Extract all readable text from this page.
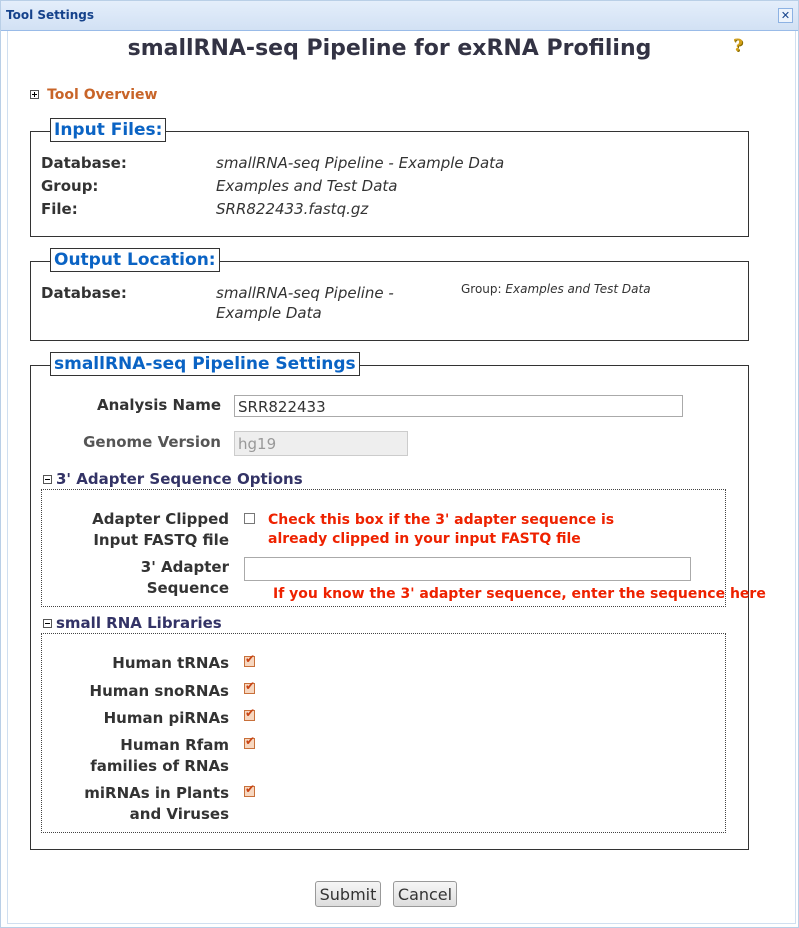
Tool Settings	✕
smallRNA-seq Pipeline for exRNA Profiling	?
Tool Overview
Input Files:
Database:	smallRNA-seq Pipeline - Example Data
Group:	Examples and Test Data
File:	SRR822433.fastq.gz
Output Location:
Database:	smallRNA-seq Pipeline -
Example Data
Group: Examples and Test Data
smallRNA-seq Pipeline Settings
Analysis Name SRR822433
Genome Version hg19
3' Adapter Sequence Options
Adapter Clipped
Input FASTQ file
Check this box if the 3' adapter sequence is
already clipped in your input FASTQ file
3' Adapter
Sequence	If you know the 3' adapter sequence, enter the sequence here
small RNA Libraries
Human tRNAs ✔
Human snoRNAs ✔
Human piRNAs ✔
Human Rfam
families of RNAs
✔
miRNAs in Plants
and Viruses
✔
Submit	Cancel
